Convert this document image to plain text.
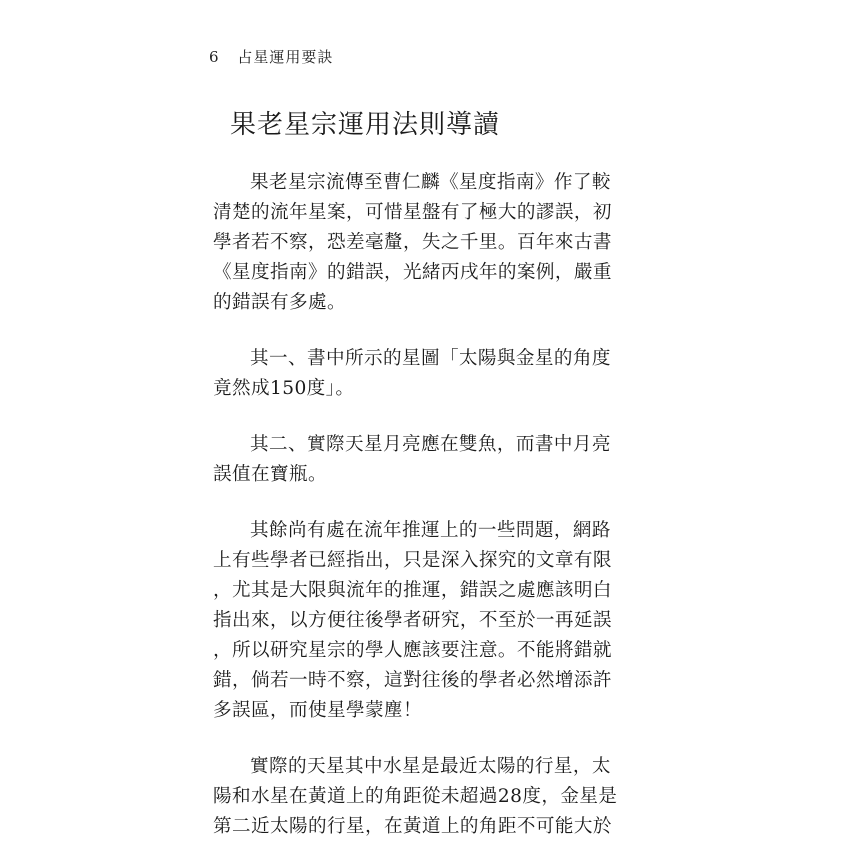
6 占星運用要訣
果老星宗運用法則導讀
果老星宗流傳至曹仁麟《星度指南》作了較
清楚的流年星案，可惜星盤有了極大的謬誤，初
學者若不察，恐差毫釐，失之千里。百年來古書
《星度指南》的錯誤，光緒丙戌年的案例，嚴重
的錯誤有多處。
其一、書中所示的星圖「太陽與金星的角度
竟然成150度」。
其二、實際天星月亮應在雙魚，而書中月亮
誤值在寶瓶。
其餘尚有處在流年推運上的一些問題，網路
上有些學者已經指出，只是深入探究的文章有限
，尤其是大限與流年的推運，錯誤之處應該明白
指出來，以方便往後學者研究，不至於一再延誤
，所以研究星宗的學人應該要注意。不能將錯就
錯，倘若一時不察，這對往後的學者必然增添許
多誤區，而使星學蒙塵！
實際的天星其中水星是最近太陽的行星，太
陽和水星在黃道上的角距從未超過28度，金星是
第二近太陽的行星，在黃道上的角距不可能大於
